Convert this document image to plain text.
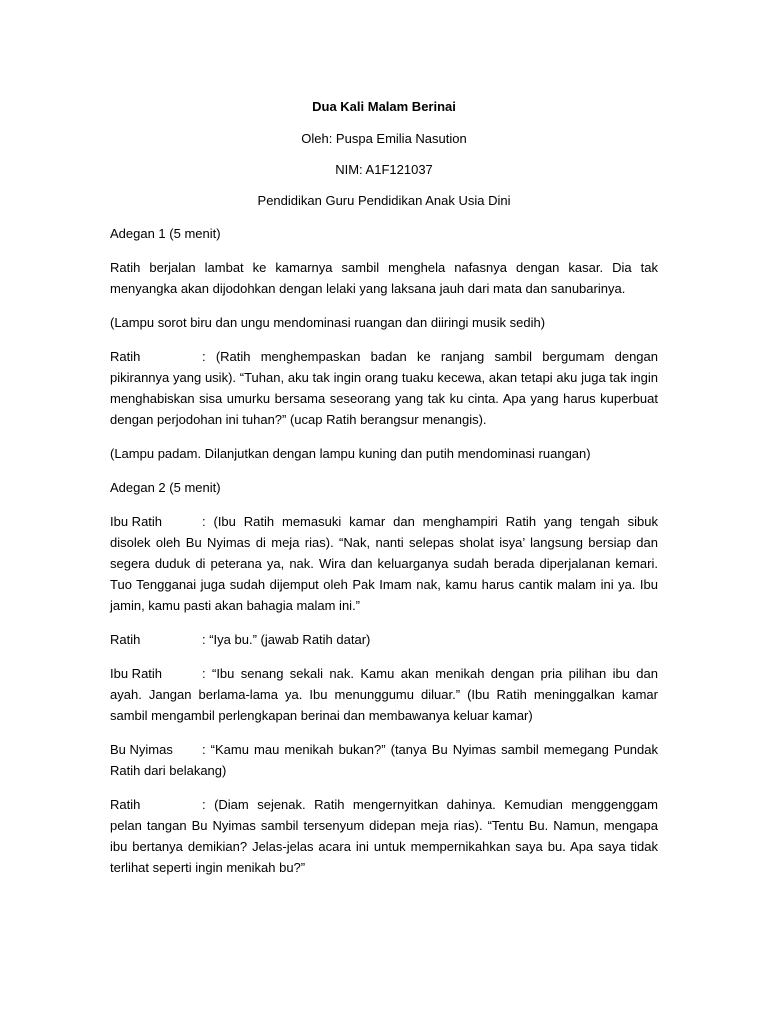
Dua Kali Malam Berinai
Oleh: Puspa Emilia Nasution
NIM: A1F121037
Pendidikan Guru Pendidikan Anak Usia Dini

Adegan 1 (5 menit)

Ratih berjalan lambat ke kamarnya sambil menghela nafasnya dengan kasar. Dia tak menyangka akan dijodohkan dengan lelaki yang laksana jauh dari mata dan sanubarinya.

(Lampu sorot biru dan ungu mendominasi ruangan dan diiringi musik sedih)

Ratih	: (Ratih menghempaskan badan ke ranjang sambil bergumam dengan pikirannya yang usik). “Tuhan, aku tak ingin orang tuaku kecewa, akan tetapi aku juga tak ingin menghabiskan sisa umurku bersama seseorang yang tak ku cinta. Apa yang harus kuperbuat dengan perjodohan ini tuhan?” (ucap Ratih berangsur menangis).

(Lampu padam. Dilanjutkan dengan lampu kuning dan putih mendominasi ruangan)

Adegan 2 (5 menit)

Ibu Ratih	: (Ibu Ratih memasuki kamar dan menghampiri Ratih yang tengah sibuk disolek oleh Bu Nyimas di meja rias). “Nak, nanti selepas sholat isya’ langsung bersiap dan segera duduk di peterana ya, nak. Wira dan keluarganya sudah berada diperjalanan kemari. Tuo Tengganai juga sudah dijemput oleh Pak Imam nak, kamu harus cantik malam ini ya. Ibu jamin, kamu pasti akan bahagia malam ini.”

Ratih	: “Iya bu.” (jawab Ratih datar)

Ibu Ratih	: “Ibu senang sekali nak. Kamu akan menikah dengan pria pilihan ibu dan ayah. Jangan berlama-lama ya. Ibu menunggumu diluar.” (Ibu Ratih meninggalkan kamar sambil mengambil perlengkapan berinai dan membawanya keluar kamar)

Bu Nyimas : “Kamu mau menikah bukan?” (tanya Bu Nyimas sambil memegang Pundak Ratih dari belakang)

Ratih	: (Diam sejenak. Ratih mengernyitkan dahinya. Kemudian menggenggam pelan tangan Bu Nyimas sambil tersenyum didepan meja rias). “Tentu Bu. Namun, mengapa ibu bertanya demikian? Jelas-jelas acara ini untuk mempernikahkan saya bu. Apa saya tidak terlihat seperti ingin menikah bu?”
